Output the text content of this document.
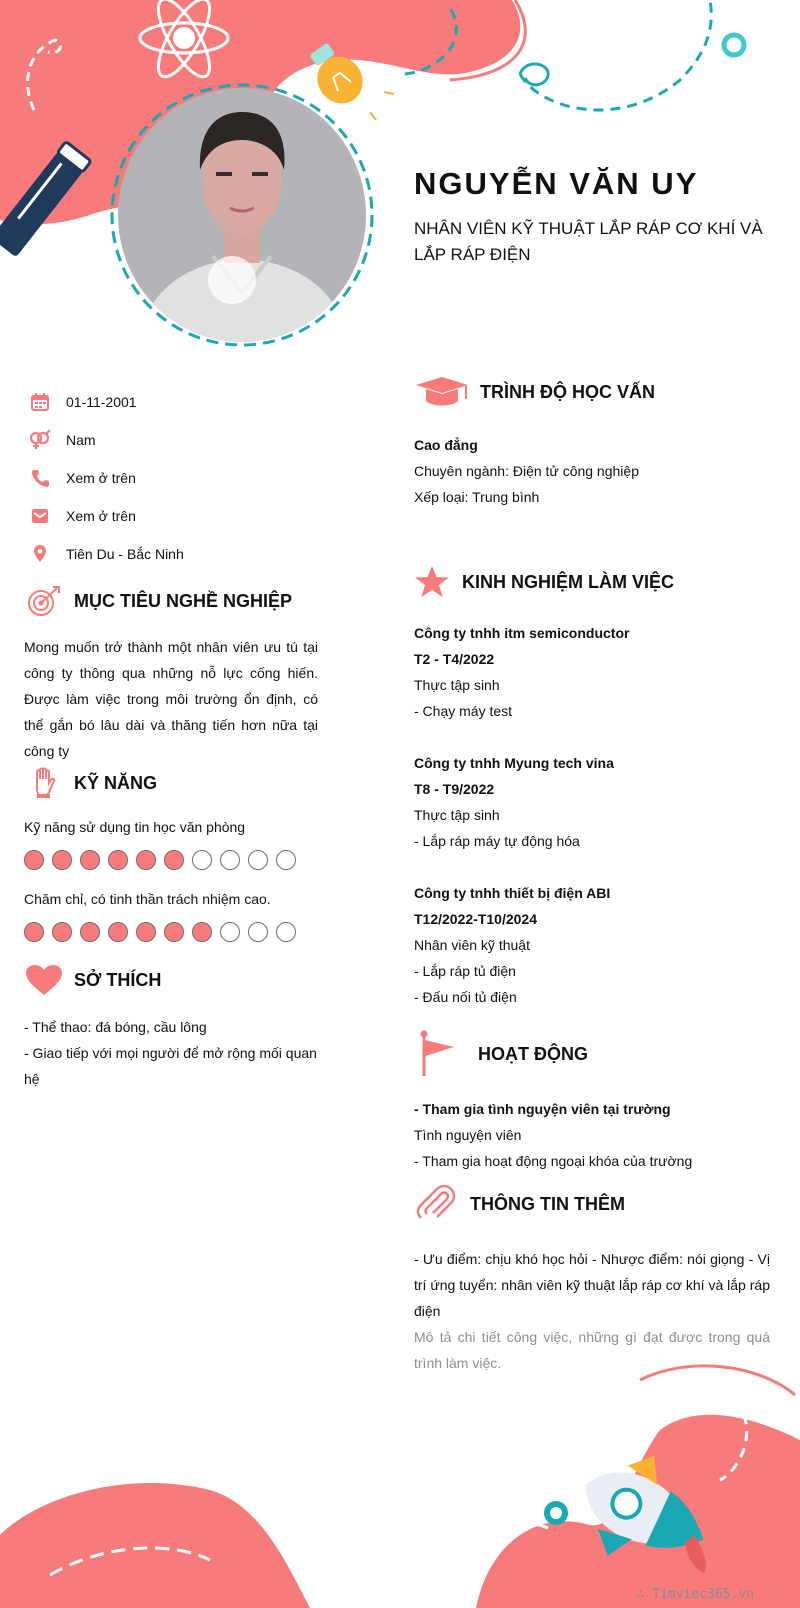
NGUYỄN VĂN UY
NHÂN VIÊN KỸ THUẬT LẮP RÁP CƠ KHÍ VÀ LẮP RÁP ĐIỆN
01-11-2001
Nam
Xem ở trên
Xem ở trên
Tiên Du - Bắc Ninh
MỤC TIÊU NGHỀ NGHIỆP
Mong muốn trở thành một nhân viên ưu tú tại công ty thông qua những nỗ lực cống hiến. Được làm việc trong môi trường ổn định, có thể gắn bó lâu dài và thăng tiến hơn nữa tại công ty
KỸ NĂNG
Kỹ năng sử dụng tin học văn phòng
Chăm chỉ, có tinh thần trách nhiệm cao.
SỞ THÍCH
- Thể thao: đá bóng, cầu lông
- Giao tiếp với mọi người để mở rộng mối quan hệ
TRÌNH ĐỘ HỌC VẤN
Cao đẳng
Chuyên ngành: Điện tử công nghiệp
Xếp loại: Trung bình
KINH NGHIỆM LÀM VIỆC
Công ty tnhh itm semiconductor
T2 - T4/2022
Thực tập sinh
- Chạy máy test
Công ty tnhh Myung tech vina
T8 - T9/2022
Thực tập sinh
- Lắp ráp máy tự động hóa
Công ty tnhh thiết bị điện ABI
T12/2022-T10/2024
Nhân viên kỹ thuật
- Lắp ráp tủ điện
- Đấu nối tủ điện
HOẠT ĐỘNG
- Tham gia tình nguyện viên tại trường
Tình nguyện viên
- Tham gia hoạt động ngoại khóa của trường
THÔNG TIN THÊM
- Ưu điểm: chịu khó học hỏi - Nhược điểm: nói giọng - Vị trí ứng tuyển: nhân viên kỹ thuật lắp ráp cơ khí và lắp ráp điện
Mô tả chi tiết công việc, những gì đạt được trong quá trình làm việc.
∴ Timviec365.vn
